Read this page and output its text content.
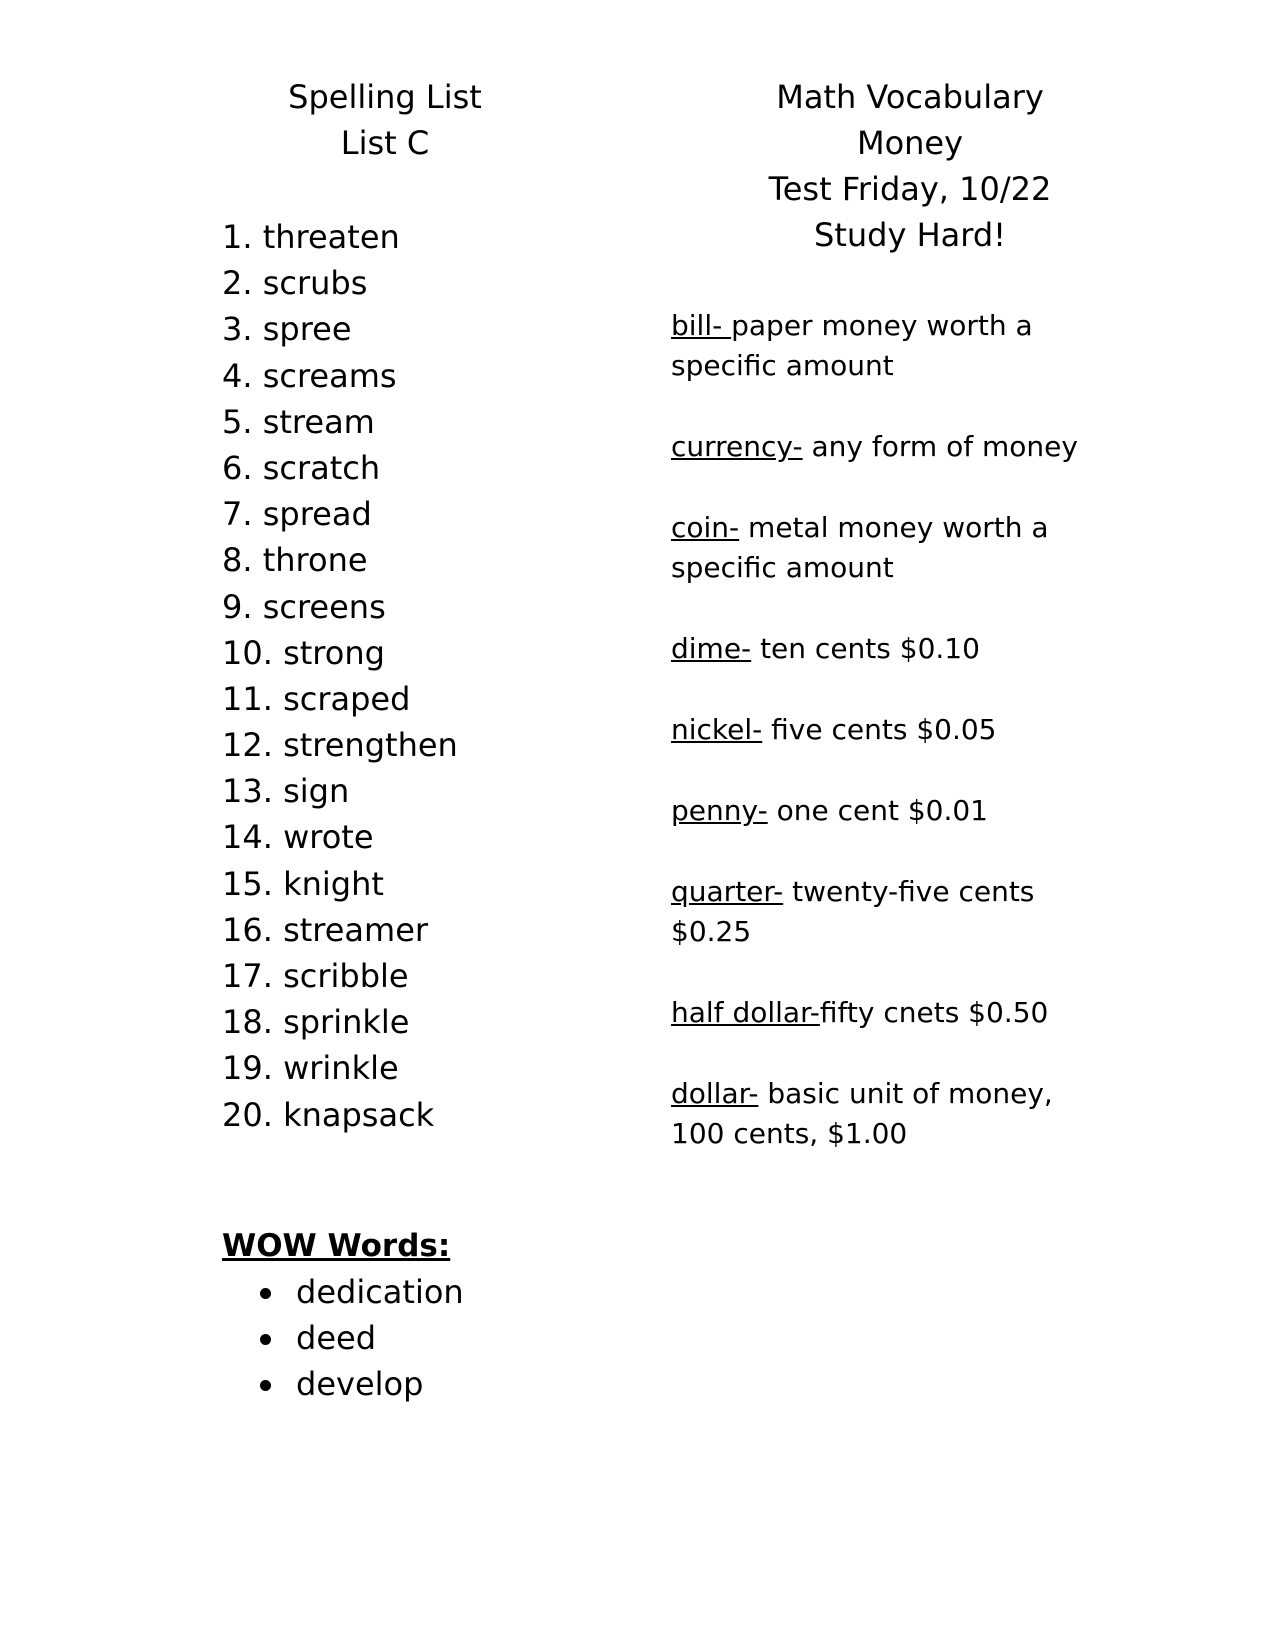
Spelling List
List C
1. threaten
2. scrubs
3. spree
4. screams
5. stream
6. scratch
7. spread
8. throne
9. screens
10. strong
11. scraped
12. strengthen
13. sign
14. wrote
15. knight
16. streamer
17. scribble
18. sprinkle
19. wrinkle
20. knapsack
WOW Words:
dedication
deed
develop
Math Vocabulary
Money
Test Friday, 10/22
Study Hard!
bill- paper money worth a specific amount
currency- any form of money
coin- metal money worth a specific amount
dime- ten cents $0.10
nickel- five cents $0.05
penny- one cent $0.01
quarter- twenty-five cents $0.25
half dollar-fifty cnets $0.50
dollar- basic unit of money, 100 cents, $1.00
